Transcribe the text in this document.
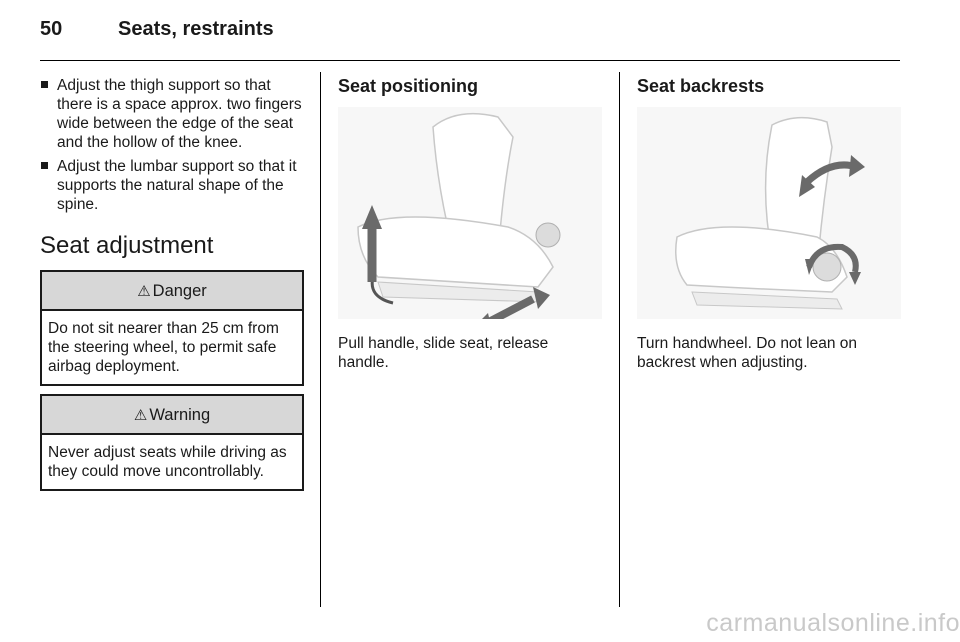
50	Seats, restraints
Adjust the thigh support so that there is a space approx. two fingers wide between the edge of the seat and the hollow of the knee.
Adjust the lumbar support so that it supports the natural shape of the spine.
Seat adjustment
⚠ Danger
Do not sit nearer than 25 cm from the steering wheel, to permit safe airbag deployment.
⚠ Warning
Never adjust seats while driving as they could move uncontrollably.
Seat positioning
Pull handle, slide seat, release handle.
Seat backrests
Turn handwheel. Do not lean on backrest when adjusting.
carmanualsonline.info
